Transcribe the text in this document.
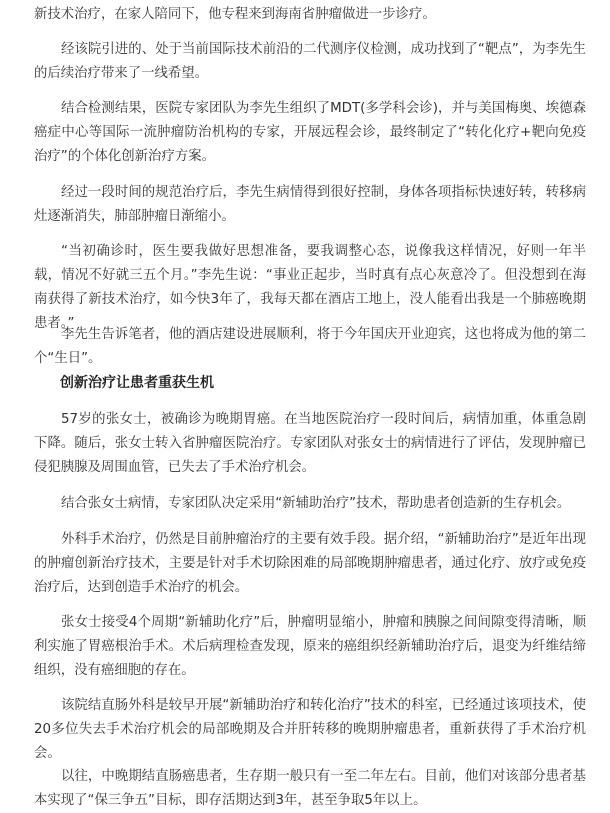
新技术治疗，在家人陪同下，他专程来到海南省肿瘤做进一步诊疗。

经该院引进的、处于当前国际技术前沿的二代测序仪检测，成功找到了“靶点”，为李先生的后续治疗带来了一线希望。

结合检测结果，医院专家团队为李先生组织了MDT(多学科会诊)，并与美国梅奥、埃德森癌症中心等国际一流肿瘤防治机构的专家，开展远程会诊，最终制定了“转化化疗+靶向免疫治疗”的个体化创新治疗方案。

经过一段时间的规范治疗后，李先生病情得到很好控制，身体各项指标快速好转，转移病灶逐渐消失，肺部肿瘤日渐缩小。

“当初确诊时，医生要我做好思想准备，要我调整心态，说像我这样情况，好则一年半载，情况不好就三五个月。”李先生说：“事业正起步，当时真有点心灰意冷了。但没想到在海南获得了新技术治疗，如今快3年了，我每天都在酒店工地上，没人能看出我是一个肺癌晚期患者。”

李先生告诉笔者，他的酒店建设进展顺利，将于今年国庆开业迎宾，这也将成为他的第二个“生日”。

创新治疗让患者重获生机

57岁的张女士，被确诊为晚期胃癌。在当地医院治疗一段时间后，病情加重，体重急剧下降。随后，张女士转入省肿瘤医院治疗。专家团队对张女士的病情进行了评估，发现肿瘤已侵犯胰腺及周围血管，已失去了手术治疗机会。

结合张女士病情，专家团队决定采用“新辅助治疗”技术，帮助患者创造新的生存机会。

外科手术治疗，仍然是目前肿瘤治疗的主要有效手段。据介绍，“新辅助治疗”是近年出现的肿瘤创新治疗技术，主要是针对手术切除困难的局部晚期肿瘤患者，通过化疗、放疗或免疫治疗后，达到创造手术治疗的机会。

张女士接受4个周期“新辅助化疗”后，肿瘤明显缩小，肿瘤和胰腺之间间隙变得清晰，顺利实施了胃癌根治手术。术后病理检查发现，原来的癌组织经新辅助治疗后，退变为纤维结缔组织，没有癌细胞的存在。

该院结直肠外科是较早开展“新辅助治疗和转化治疗”技术的科室，已经通过该项技术，使20多位失去手术治疗机会的局部晚期及合并肝转移的晚期肿瘤患者，重新获得了手术治疗机会。

以往，中晚期结直肠癌患者，生存期一般只有一至二年左右。目前，他们对该部分患者基本实现了“保三争五”目标，即存活期达到3年，甚至争取5年以上。
